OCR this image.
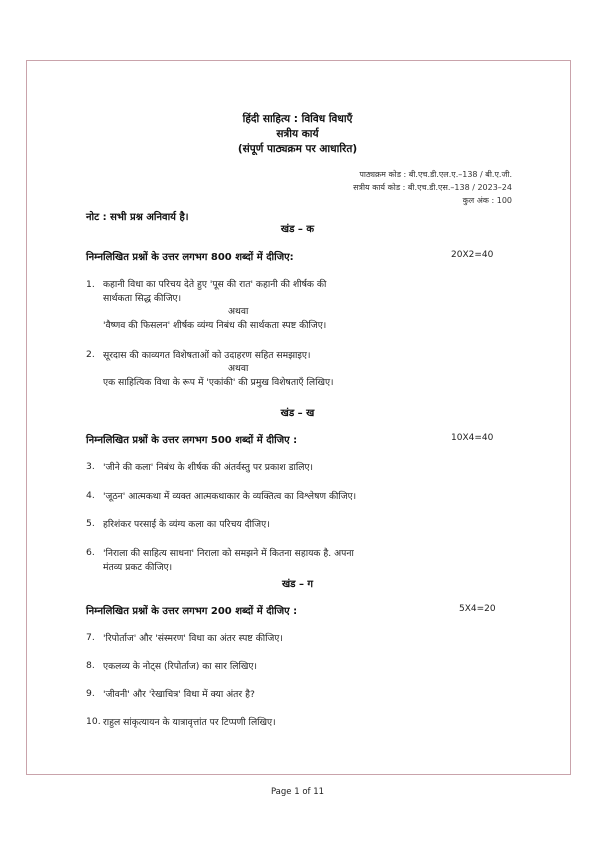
हिंदी साहित्य : विविध विधाएँ
सत्रीय कार्य
(संपूर्ण पाठ्यक्रम पर आधारित)
पाठ्यक्रम कोड : बी.एच.डी.एल.ए.–138 / बी.ए.जी.
सत्रीय कार्य कोड : बी.एच.डी.एस.–138 / 2023–24
कुल अंक : 100
नोट : सभी प्रश्न अनिवार्य है।
खंड – क
निम्नलिखित प्रश्नों के उत्तर लगभग 800 शब्दों में दीजिए:	20X2=40
1. कहानी विधा का परिचय देते हुए 'पूस की रात' कहानी की शीर्षक की
सार्थकता सिद्ध कीजिए।
अथवा
'वैष्णव की फिसलन' शीर्षक व्यंग्य निबंध की सार्थकता स्पष्ट कीजिए।
2. सूरदास की काव्यगत विशेषताओं को उदाहरण सहित समझाइए।
अथवा
एक साहित्यिक विधा के रूप में 'एकांकी' की प्रमुख विशेषताएँ लिखिए।
खंड – ख
निम्नलिखित प्रश्नों के उत्तर लगभग 500 शब्दों में दीजिए :	10X4=40
3. 'जीने की कला' निबंध के शीर्षक की अंतर्वस्तु पर प्रकाश डालिए।
4. 'जूठन' आत्मकथा में व्यक्त आत्मकथाकार के व्यक्तित्व का विश्लेषण कीजिए।
5. हरिशंकर परसाई के व्यंग्य कला का परिचय दीजिए।
6. 'निराला की साहित्य साधना' निराला को समझने में कितना सहायक है. अपना
मंतव्य प्रकट कीजिए।
खंड – ग
निम्नलिखित प्रश्नों के उत्तर लगभग 200 शब्दों में दीजिए :	5X4=20
7. 'रिपोर्ताज' और 'संस्मरण' विधा का अंतर स्पष्ट कीजिए।
8. एकलव्य के नोट्स (रिपोर्ताज) का सार लिखिए।
9. 'जीवनी' और 'रेखाचित्र' विधा में क्या अंतर है?
10. राहुल सांकृत्यायन के यात्रावृत्तांत पर टिप्पणी लिखिए।
Page 1 of 11
